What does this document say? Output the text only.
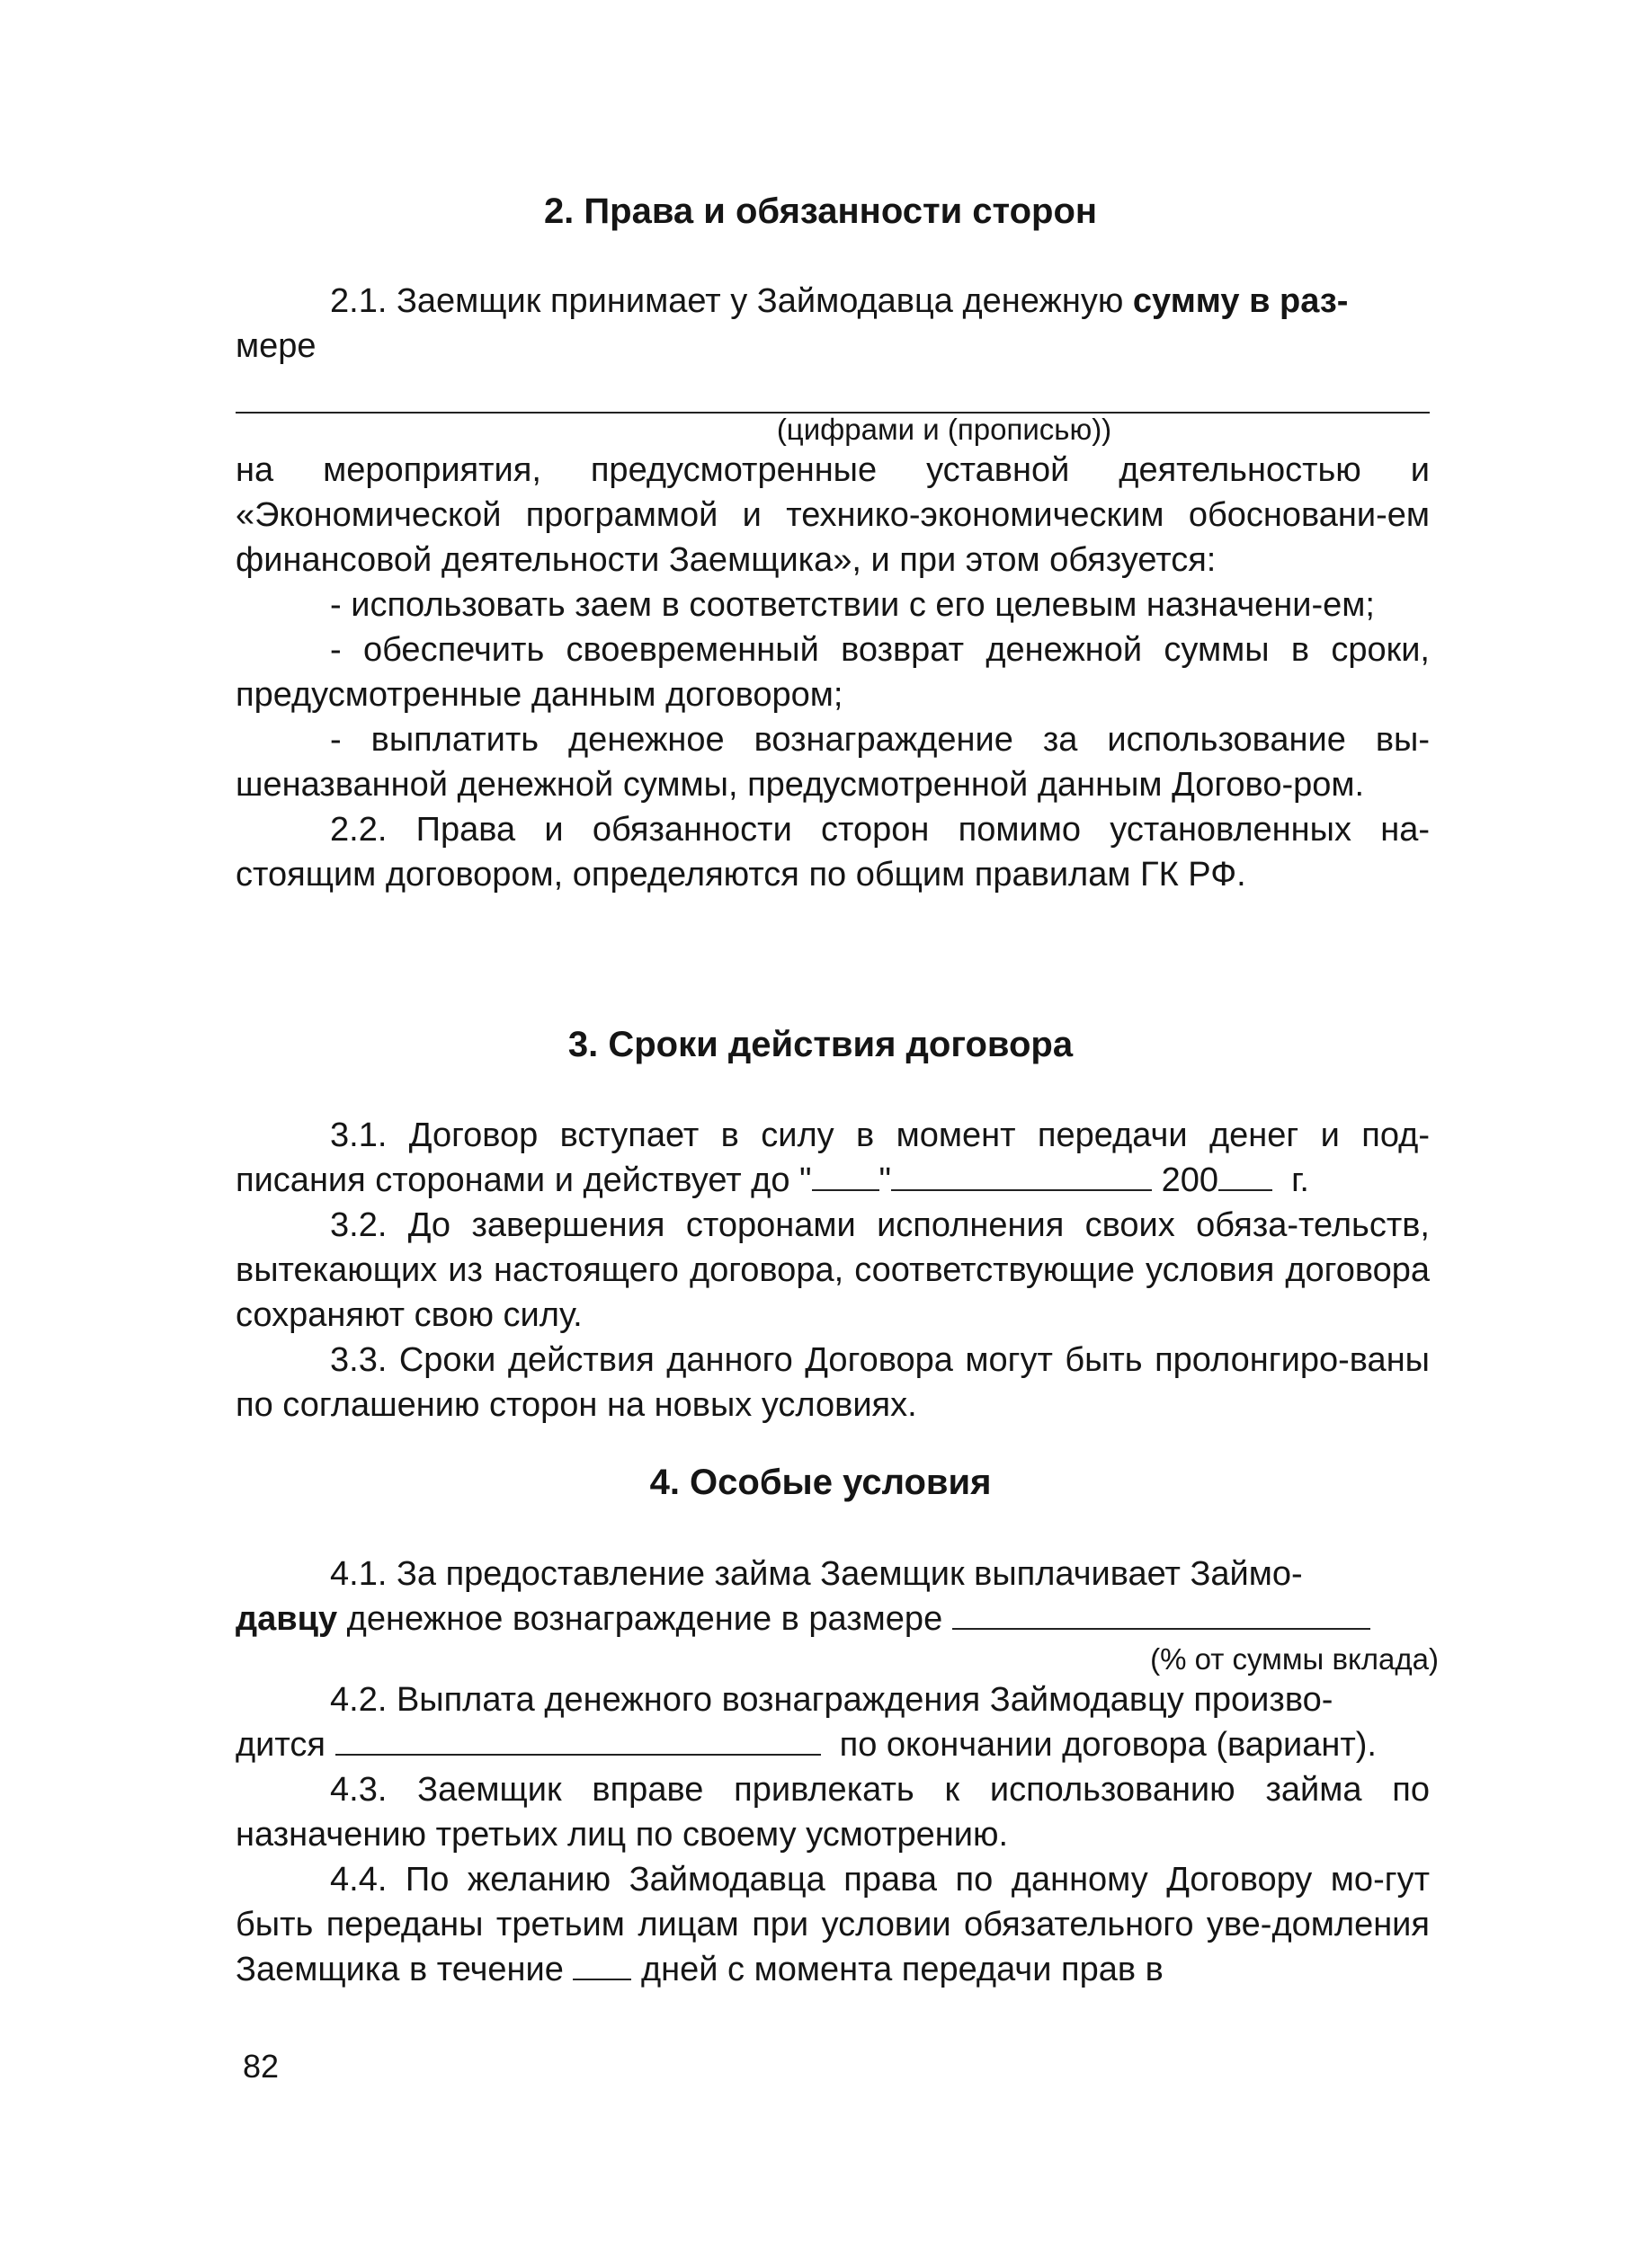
2. Права и обязанности сторон

2.1. Заемщик принимает у Займодавца денежную сумму в раз-
мере

(цифрами и (прописью))

на мероприятия, предусмотренные уставной деятельностью и «Экономической программой и технико-экономическим обосновани-ем финансовой деятельности Заемщика», и при этом обязуется:

- использовать заем в соответствии с его целевым назначени-ем;

- обеспечить своевременный возврат денежной суммы в сроки, предусмотренные данным договором;

- выплатить денежное вознаграждение за использование вы-шеназванной денежной суммы, предусмотренной данным Догово-ром.

2.2. Права и обязанности сторон помимо установленных на-стоящим договором, определяются по общим правилам ГК РФ.

3. Сроки действия договора

3.1. Договор вступает в силу в момент передачи денег и под-писания сторонами и действует до " "	200 г.

3.2. До завершения сторонами исполнения своих обяза-тельств, вытекающих из настоящего договора, соответствующие условия договора сохраняют свою силу.

3.3. Сроки действия данного Договора могут быть пролонгиро-ваны по соглашению сторон на новых условиях.

4. Особые условия

4.1. За предоставление займа Заемщик выплачивает Займо-
давцу денежное вознаграждение в размере

(% от суммы вклада)

4.2. Выплата денежного вознаграждения Займодавцу произво-
дится	по окончании договора (вариант).

4.3. Заемщик вправе привлекать к использованию займа по назначению третьих лиц по своему усмотрению.

4.4. По желанию Займодавца права по данному Договору мо-гут быть переданы третьим лицам при условии обязательного уве-домления Заемщика в течение дней с момента передачи прав в

82
